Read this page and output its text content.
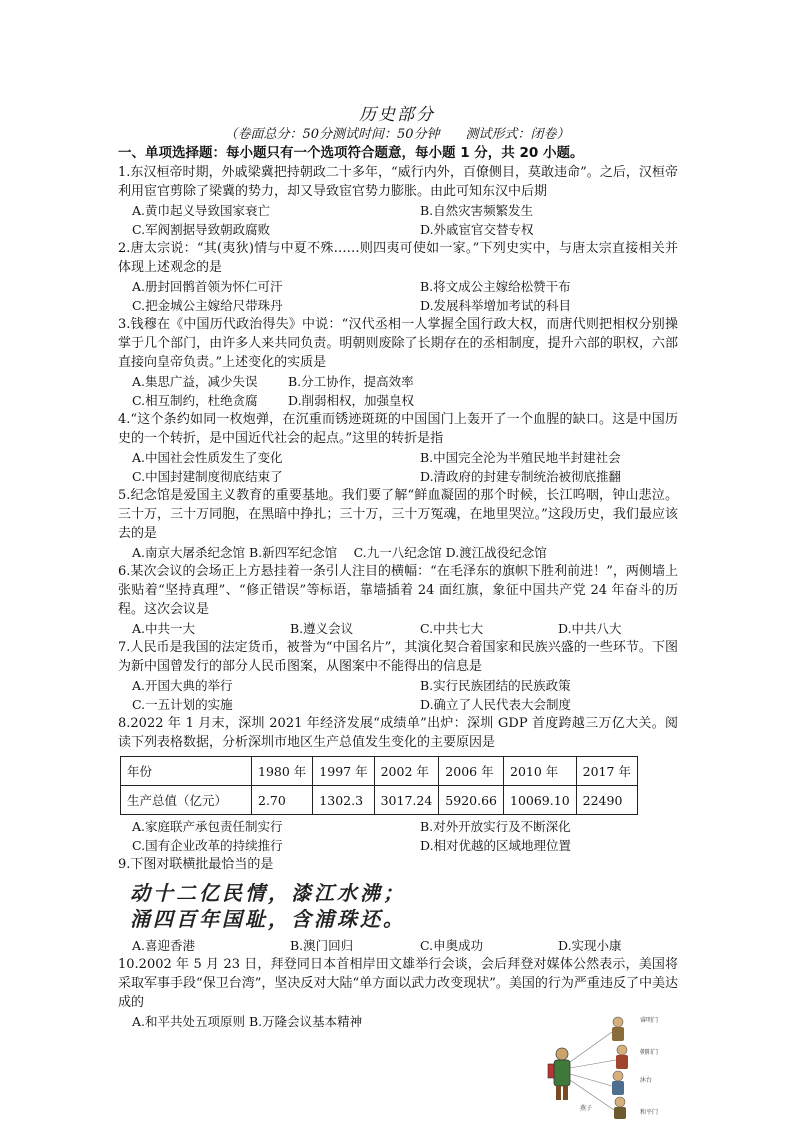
历史部分
（卷面总分：50分测试时间：50分钟　　测试形式：闭卷）
一、单项选择题：每小题只有一个选项符合题意，每小题 1 分，共 20 小题。

1.东汉桓帝时期，外戚梁冀把持朝政二十多年，“威行内外，百僚侧目，莫敢违命”。之后，汉桓帝利用宦官剪除了梁冀的势力，却又导致宦官势力膨胀。由此可知东汉中后期

A.黄巾起义导致国家衰亡	B.自然灾害频繁发生
C.军阀割据导致朝政腐败	D.外戚宦官交替专权

2.唐太宗说：“其(夷狄)情与中夏不殊……则四夷可使如一家。”下列史实中，与唐太宗直接相关并体现上述观念的是

A.册封回鹘首领为怀仁可汗	B.将文成公主嫁给松赞干布
C.把金城公主嫁给尺带珠丹	D.发展科举增加考试的科目

3.钱穆在《中国历代政治得失》中说：“汉代丞相一人掌握全国行政大权，而唐代则把相权分别操掌于几个部门，由许多人来共同负责。明朝则废除了长期存在的丞相制度，提升六部的职权，六部直接向皇帝负责。”上述变化的实质是

A.集思广益，减少失误 B.分工协作，提高效率
C.相互制约，杜绝贪腐 D.削弱相权，加强皇权

4.“这个条约如同一枚炮弹，在沉重而锈迹斑斑的中国国门上轰开了一个血腥的缺口。这是中国历史的一个转折，是中国近代社会的起点。”这里的转折是指

A.中国社会性质发生了变化	B.中国完全沦为半殖民地半封建社会
C.中国封建制度彻底结束了	D.清政府的封建专制统治被彻底推翻

5.纪念馆是爱国主义教育的重要基地。我们要了解“鲜血凝固的那个时候，长江呜咽，钟山悲泣。三十万，三十万同胞，在黑暗中挣扎；三十万，三十万冤魂，在地里哭泣。”这段历史，我们最应该去的是

A.南京大屠杀纪念馆 B.新四军纪念馆　 C.九一八纪念馆 D.渡江战役纪念馆

6.某次会议的会场正上方悬挂着一条引人注目的横幅：“在毛泽东的旗帜下胜利前进！”，两侧墙上张贴着“坚持真理”、“修正错误”等标语，靠墙插着 24 面红旗，象征中国共产党 24 年奋斗的历程。这次会议是

A.中共一大	B.遵义会议	C.中共七大	D.中共八大

7.人民币是我国的法定货币，被誉为“中国名片”，其演化契合着国家和民族兴盛的一些环节。下图为新中国曾发行的部分人民币图案，从图案中不能得出的信息是

A.开国大典的举行	B.实行民族团结的民族政策
C.一五计划的实施	D.确立了人民代表大会制度

8.2022 年 1 月末，深圳 2021 年经济发展“成绩单”出炉：深圳 GDP 首度跨越三万亿大关。阅读下列表格数据，分析深圳市地区生产总值发生变化的主要原因是

年份	1980 年	1997 年	2002 年	2006 年	2010 年	2017 年
生产总值（亿元）	2.70	1302.3	3017.24	5920.66	10069.10	22490
A.家庭联产承包责任制实行	B.对外开放实行及不断深化
C.国有企业改革的持续推行	D.相对优越的区域地理位置

9.下图对联横批最恰当的是

动十二亿民情，漆江水沸；
涌四百年国耻，含浦珠还。
A.喜迎香港	B.澳门回归	C.申奥成功	D.实现小康

10.2002 年 5 月 23 日，拜登同日本首相岸田文雄举行会谈，会后拜登对媒体公然表示，美国将采取军事手段“保卫台湾”，坚决反对大陆“单方面以武力改变现状”。美国的行为严重违反了中美达成的

A.和平共处五项原则 B.万隆会议基本精神	睿明门
朝阳门
沐台
燕子
和平门
